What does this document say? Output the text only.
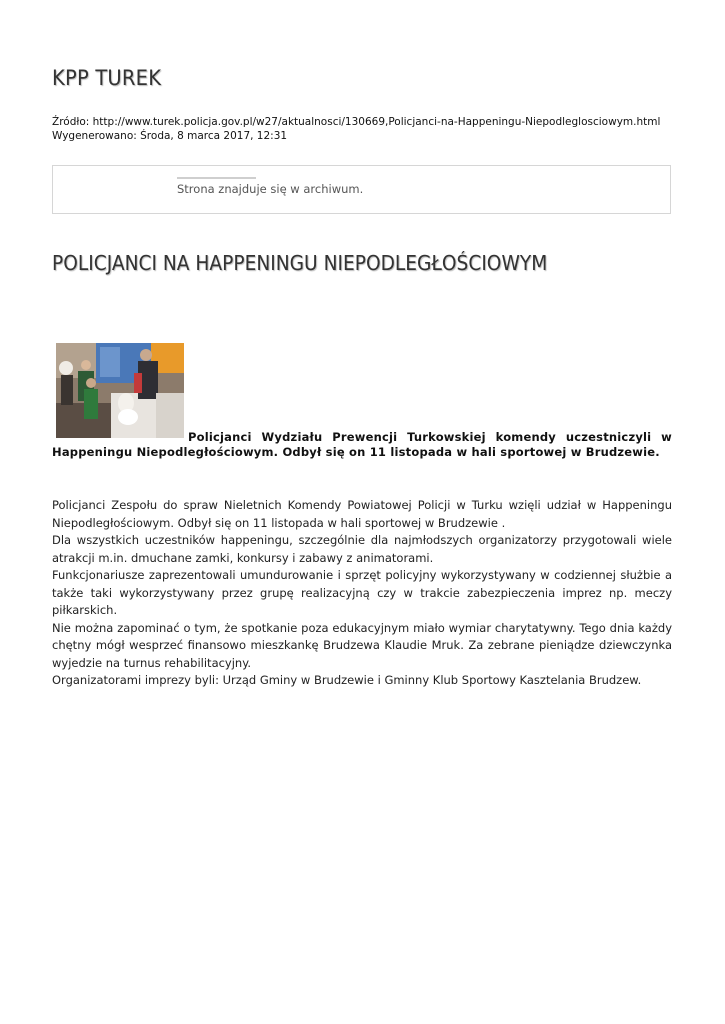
KPP TUREK
Źródło: http://www.turek.policja.gov.pl/w27/aktualnosci/130669,Policjanci-na-Happeningu-Niepodleglosciowym.html
Wygenerowano: Środa, 8 marca 2017, 12:31
Strona znajduje się w archiwum.
POLICJANCI NA HAPPENINGU NIEPODLEGŁOŚCIOWYM
Policjanci Wydziału Prewencji Turkowskiej komendy uczestniczyli w Happeningu Niepodległościowym. Odbył się on 11 listopada w hali sportowej w Brudzewie.

Policjanci Zespołu do spraw Nieletnich Komendy Powiatowej Policji w Turku wzięli udział w Happeningu Niepodległościowym. Odbył się on 11 listopada w hali sportowej w Brudzewie .

Dla wszystkich uczestników happeningu, szczególnie dla najmłodszych organizatorzy przygotowali wiele atrakcji m.in. dmuchane zamki, konkursy i zabawy z animatorami.

Funkcjonariusze zaprezentowali umundurowanie i sprzęt policyjny wykorzystywany w codziennej służbie a także taki wykorzystywany przez grupę realizacyjną czy w trakcie zabezpieczenia imprez np. meczy piłkarskich.

Nie można zapominać o tym, że spotkanie poza edukacyjnym miało wymiar charytatywny. Tego dnia każdy chętny mógł wesprzeć finansowo mieszkankę Brudzewa Klaudie Mruk. Za zebrane pieniądze dziewczynka wyjedzie na turnus rehabilitacyjny.

Organizatorami imprezy byli: Urząd Gminy w Brudzewie i Gminny Klub Sportowy Kasztelania Brudzew.
